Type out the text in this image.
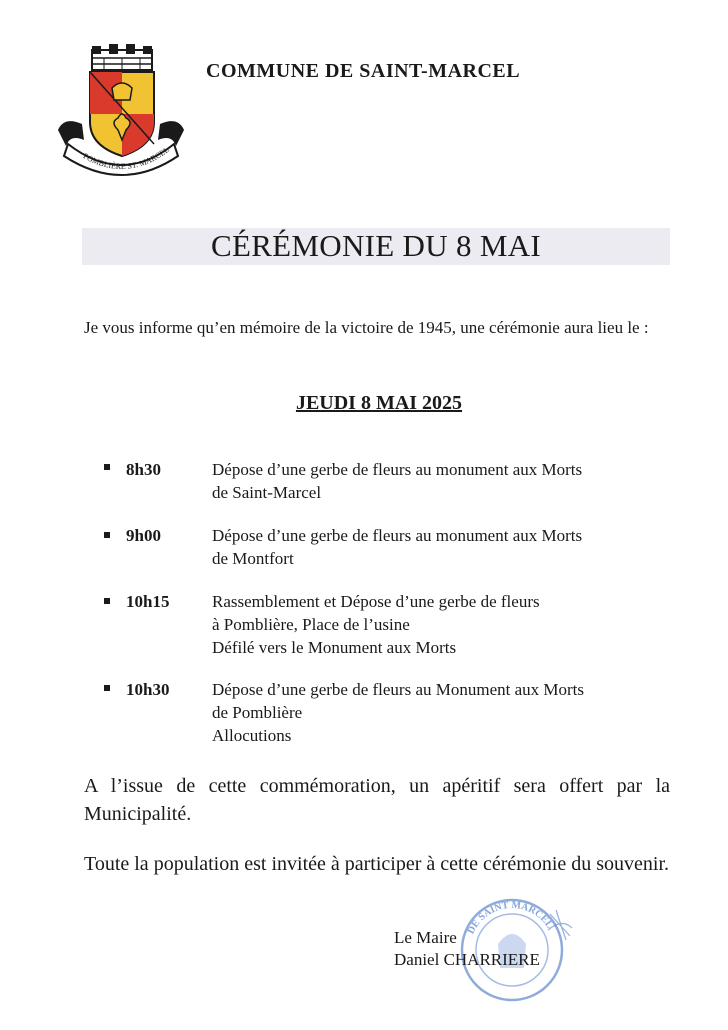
POMBLIÈRE ST. MARCEL
COMMUNE DE SAINT-MARCEL
CÉRÉMONIE DU 8 MAI
Je vous informe qu’en mémoire de la victoire de 1945, une cérémonie aura lieu le :
JEUDI 8 MAI 2025
8h30	Dépose d’une gerbe de fleurs au monument aux Morts
de Saint-Marcel
9h00	Dépose d’une gerbe de fleurs au monument aux Morts
de Montfort
10h15	Rassemblement et Dépose d’une gerbe de fleurs
à Pomblière, Place de l’usine
Défilé vers le Monument aux Morts
10h30	Dépose d’une gerbe de fleurs au Monument aux Morts
de Pomblière
Allocutions
A l’issue de cette commémoration, un apéritif sera offert par la Municipalité.
Toute la population est invitée à participer à cette cérémonie du souvenir.
DE SAINT MARCEL
Le Maire
Daniel CHARRIERE
